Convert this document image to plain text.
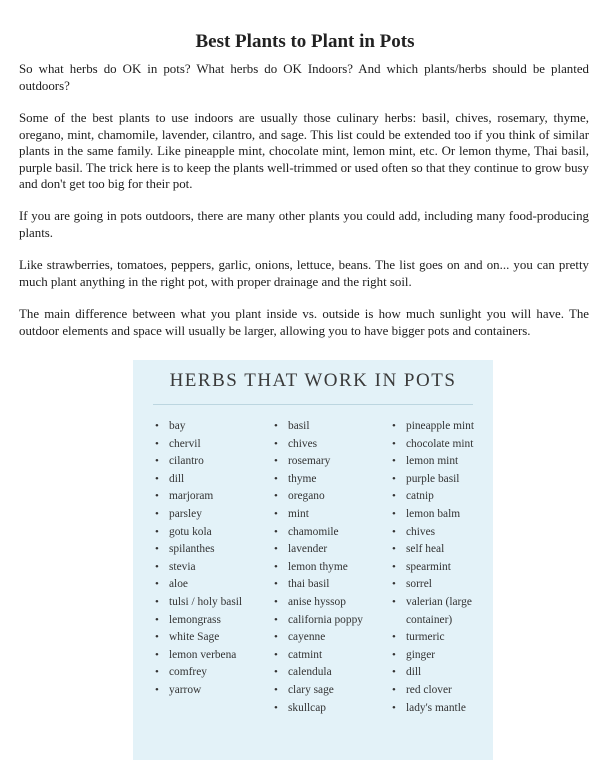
Best Plants to Plant in Pots

So what herbs do OK in pots? What herbs do OK Indoors? And which plants/herbs should be planted outdoors?

Some of the best plants to use indoors are usually those culinary herbs: basil, chives, rosemary, thyme, oregano, mint, chamomile, lavender, cilantro, and sage. This list could be extended too if you think of similar plants in the same family. Like pineapple mint, chocolate mint, lemon mint, etc. Or lemon thyme, Thai basil, purple basil. The trick here is to keep the plants well-trimmed or used often so that they continue to grow busy and don't get too big for their pot.

If you are going in pots outdoors, there are many other plants you could add, including many food-producing plants.

Like strawberries, tomatoes, peppers, garlic, onions, lettuce, beans. The list goes on and on... you can pretty much plant anything in the right pot, with proper drainage and the right soil.

The main difference between what you plant inside vs. outside is how much sunlight you will have. The outdoor elements and space will usually be larger, allowing you to have bigger pots and containers.

HERBS THAT WORK IN POTS
• bay
• chervil
• cilantro
• dill
• marjoram
• parsley
• gotu kola
• spilanthes
• stevia
• aloe
• tulsi / holy basil
• lemongrass
• white Sage
• lemon verbena
• comfrey
• yarrow
• basil
• chives
• rosemary
• thyme
• oregano
• mint
• chamomile
• lavender
• lemon thyme
• thai basil
• anise hyssop
• california poppy
• cayenne
• catmint
• calendula
• clary sage
• skullcap
• pineapple mint
• chocolate mint
• lemon mint
• purple basil
• catnip
• lemon balm
• chives
• self heal
• spearmint
• sorrel
• valerian (large container)
• turmeric
• ginger
• dill
• red clover
• lady's mantle
